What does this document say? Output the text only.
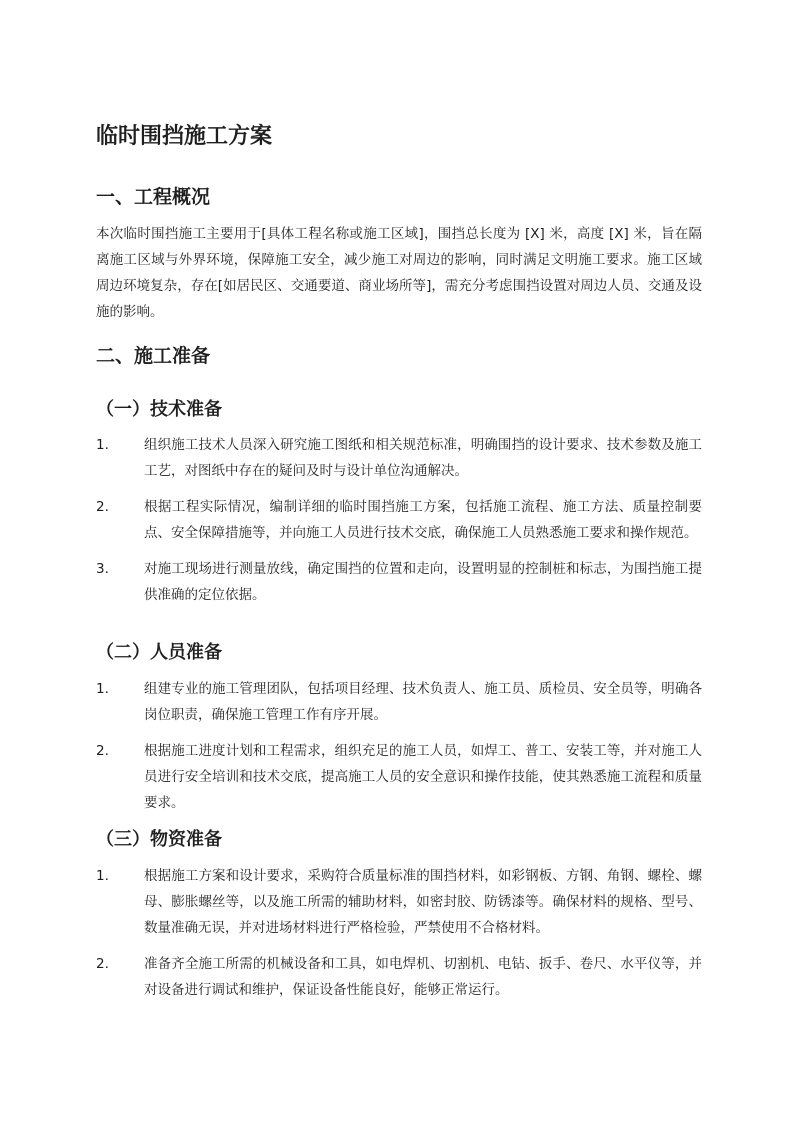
临时围挡施工方案
一、工程概况
本次临时围挡施工主要用于[具体工程名称或施工区域]，围挡总长度为 [X] 米，高度 [X] 米，旨在隔离施工区域与外界环境，保障施工安全，减少施工对周边的影响，同时满足文明施工要求。施工区域周边环境复杂，存在[如居民区、交通要道、商业场所等]，需充分考虑围挡设置对周边人员、交通及设施的影响。
二、施工准备
（一）技术准备
1.	组织施工技术人员深入研究施工图纸和相关规范标准，明确围挡的设计要求、技术参数及施工工艺，对图纸中存在的疑问及时与设计单位沟通解决。
2.	根据工程实际情况，编制详细的临时围挡施工方案，包括施工流程、施工方法、质量控制要点、安全保障措施等，并向施工人员进行技术交底，确保施工人员熟悉施工要求和操作规范。
3.	对施工现场进行测量放线，确定围挡的位置和走向，设置明显的控制桩和标志，为围挡施工提供准确的定位依据。
（二）人员准备
1.	组建专业的施工管理团队，包括项目经理、技术负责人、施工员、质检员、安全员等，明确各岗位职责，确保施工管理工作有序开展。
2.	根据施工进度计划和工程需求，组织充足的施工人员，如焊工、普工、安装工等，并对施工人员进行安全培训和技术交底，提高施工人员的安全意识和操作技能，使其熟悉施工流程和质量要求。
（三）物资准备
1.	根据施工方案和设计要求，采购符合质量标准的围挡材料，如彩钢板、方钢、角钢、螺栓、螺母、膨胀螺丝等，以及施工所需的辅助材料，如密封胶、防锈漆等。确保材料的规格、型号、数量准确无误，并对进场材料进行严格检验，严禁使用不合格材料。
2.	准备齐全施工所需的机械设备和工具，如电焊机、切割机、电钻、扳手、卷尺、水平仪等，并对设备进行调试和维护，保证设备性能良好，能够正常运行。
